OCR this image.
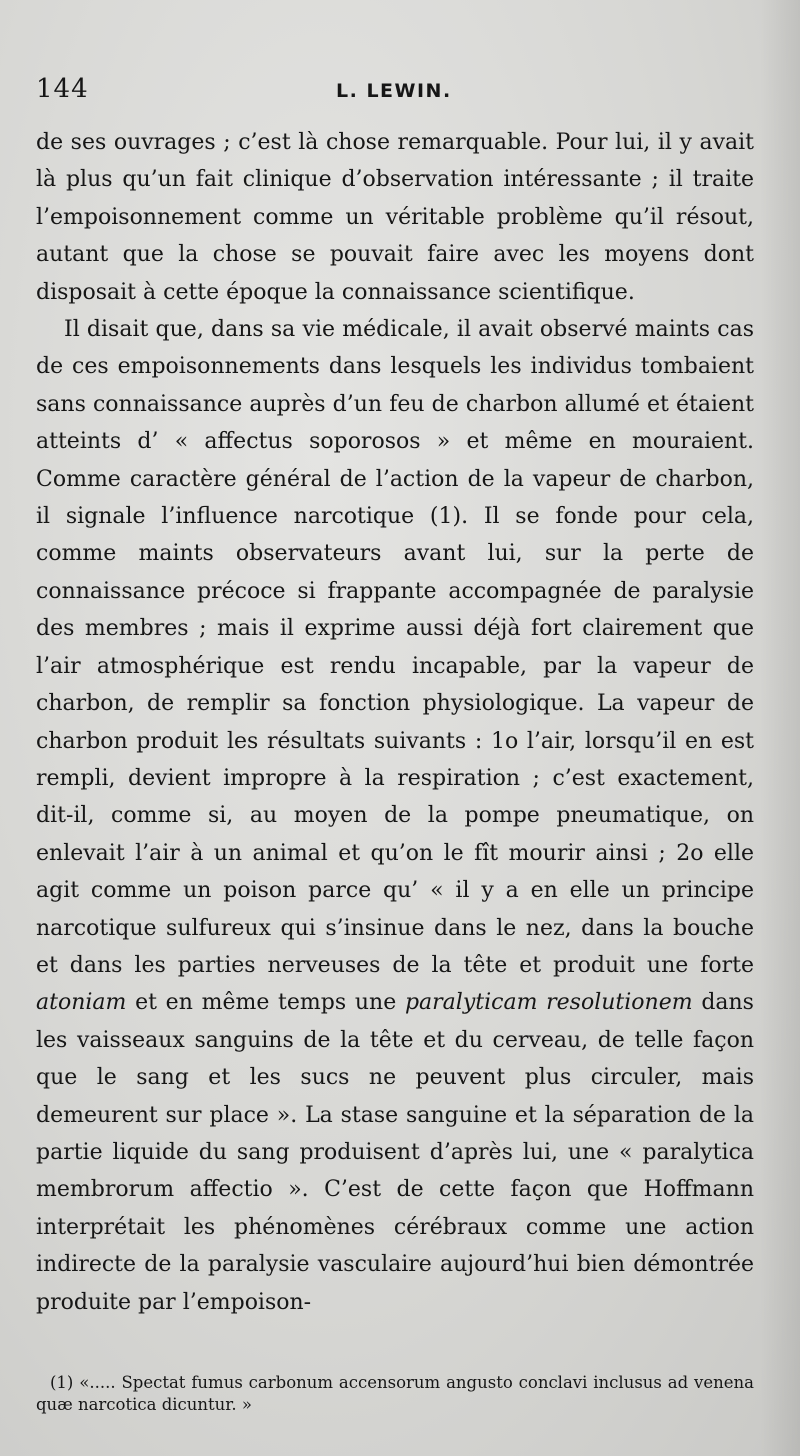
144	L. LEWIN.

de ses ouvrages ; c’est là chose remarquable. Pour lui, il y avait là plus qu’un fait clinique d’observation intéressante ; il traite l’empoisonnement comme un véritable problème qu’il résout, autant que la chose se pouvait faire avec les moyens dont disposait à cette époque la connaissance scientifique.

Il disait que, dans sa vie médicale, il avait observé maints cas de ces empoisonnements dans lesquels les individus tombaient sans connaissance auprès d’un feu de charbon allumé et étaient atteints d’ « affectus soporosos » et même en mouraient. Comme caractère général de l’action de la vapeur de charbon, il signale l’influence narcotique (1). Il se fonde pour cela, comme maints observateurs avant lui, sur la perte de connaissance précoce si frappante accompagnée de paralysie des membres ; mais il exprime aussi déjà fort clairement que l’air atmosphérique est rendu incapable, par la vapeur de charbon, de remplir sa fonction physiologique. La vapeur de charbon produit les résultats suivants : 1o l’air, lorsqu’il en est rempli, devient impropre à la respiration ; c’est exactement, dit-il, comme si, au moyen de la pompe pneumatique, on enlevait l’air à un animal et qu’on le fît mourir ainsi ; 2o elle agit comme un poison parce qu’ « il y a en elle un principe narcotique sulfureux qui s’insinue dans le nez, dans la bouche et dans les parties nerveuses de la tête et produit une forte atoniam et en même temps une paralyticam resolutionem dans les vaisseaux sanguins de la tête et du cerveau, de telle façon que le sang et les sucs ne peuvent plus circuler, mais demeurent sur place ». La stase sanguine et la séparation de la partie liquide du sang produisent d’après lui, une « paralytica membrorum affectio ». C’est de cette façon que Hoffmann interprétait les phénomènes cérébraux comme une action indirecte de la paralysie vasculaire aujourd’hui bien démontrée produite par l’empoison-

(1) «..... Spectat fumus carbonum accensorum angusto conclavi inclusus ad venena quæ narcotica dicuntur. »
